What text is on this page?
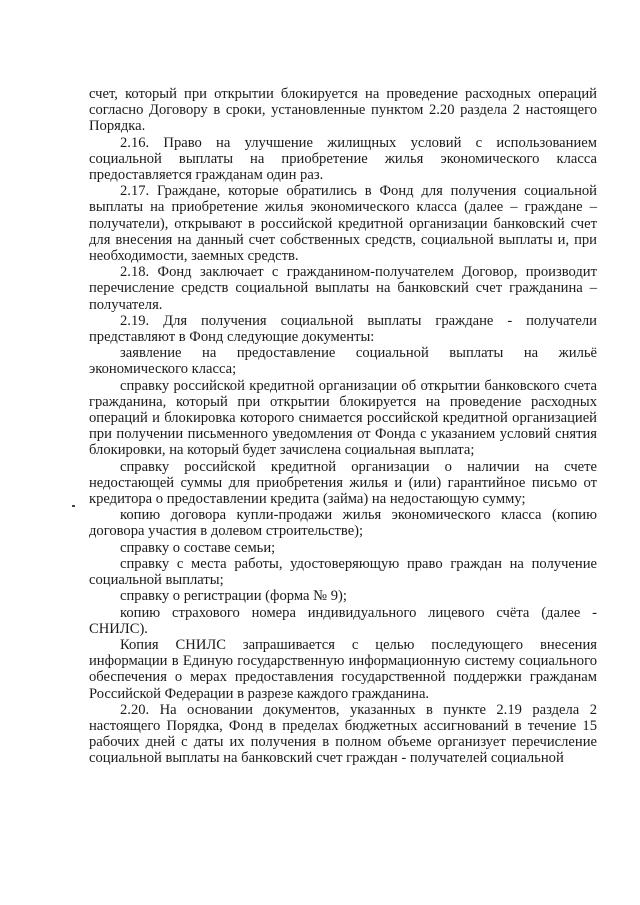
счет, который при открытии блокируется на проведение расходных операций согласно Договору в сроки, установленные пунктом 2.20 раздела 2 настоящего Порядка.

2.16. Право на улучшение жилищных условий с использованием социальной выплаты на приобретение жилья экономического класса предоставляется гражданам один раз.

2.17. Граждане, которые обратились в Фонд для получения социальной выплаты на приобретение жилья экономического класса (далее – граждане – получатели), открывают в российской кредитной организации банковский счет для внесения на данный счет собственных средств, социальной выплаты и, при необходимости, заемных средств.

2.18. Фонд заключает с гражданином-получателем Договор, производит перечисление средств социальной выплаты на банковский счет гражданина – получателя.

2.19. Для получения социальной выплаты граждане - получатели представляют в Фонд следующие документы:

заявление на предоставление социальной выплаты на жильё экономического класса;

справку российской кредитной организации об открытии банковского счета гражданина, который при открытии блокируется на проведение расходных операций и блокировка которого снимается российской кредитной организацией при получении письменного уведомления от Фонда с указанием условий снятия блокировки, на который будет зачислена социальная выплата;

справку российской кредитной организации о наличии на счете недостающей суммы для приобретения жилья и (или) гарантийное письмо от кредитора о предоставлении кредита (займа) на недостающую сумму;

копию договора купли-продажи жилья экономического класса (копию договора участия в долевом строительстве);

справку о составе семьи;

справку с места работы, удостоверяющую право граждан на получение социальной выплаты;

справку о регистрации (форма № 9);

копию страхового номера индивидуального лицевого счёта (далее - СНИЛС).

Копия СНИЛС запрашивается с целью последующего внесения информации в Единую государственную информационную систему социального обеспечения о мерах предоставления государственной поддержки гражданам Российской Федерации в разрезе каждого гражданина.

2.20. На основании документов, указанных в пункте 2.19 раздела 2 настоящего Порядка, Фонд в пределах бюджетных ассигнований в течение 15 рабочих дней с даты их получения в полном объеме организует перечисление социальной выплаты на банковский счет граждан - получателей социальной
